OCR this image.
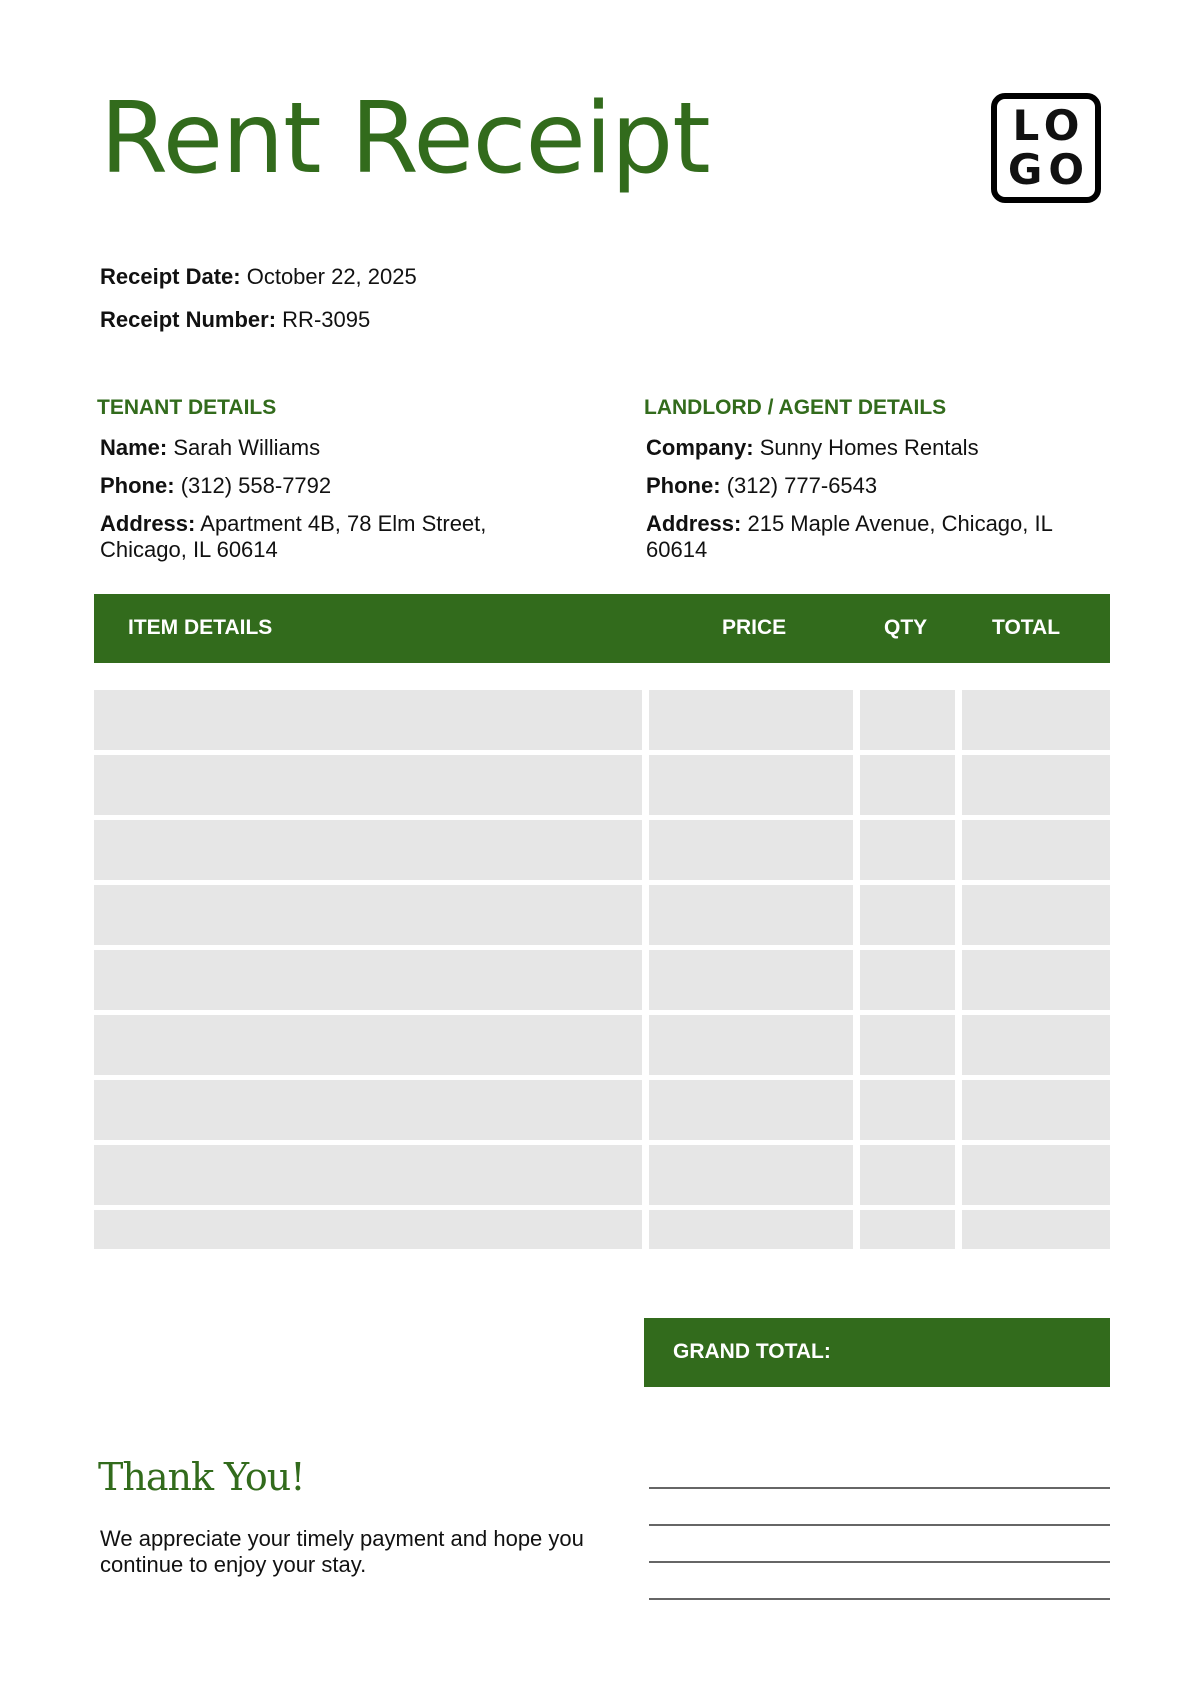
Rent Receipt	LO
GO
Receipt Date: October 22, 2025
Receipt Number: RR-3095
TENANT DETAILS
Name: Sarah Williams
Phone: (312) 558-7792
Address: Apartment 4B, 78 Elm Street, Chicago, IL 60614
LANDLORD / AGENT DETAILS
Company: Sunny Homes Rentals
Phone: (312) 777-6543
Address: 215 Maple Avenue, Chicago, IL 60614
ITEM DETAILS	PRICE	QTY	TOTAL
GRAND TOTAL:
Thank You!
We appreciate your timely payment and hope you continue to enjoy your stay.
